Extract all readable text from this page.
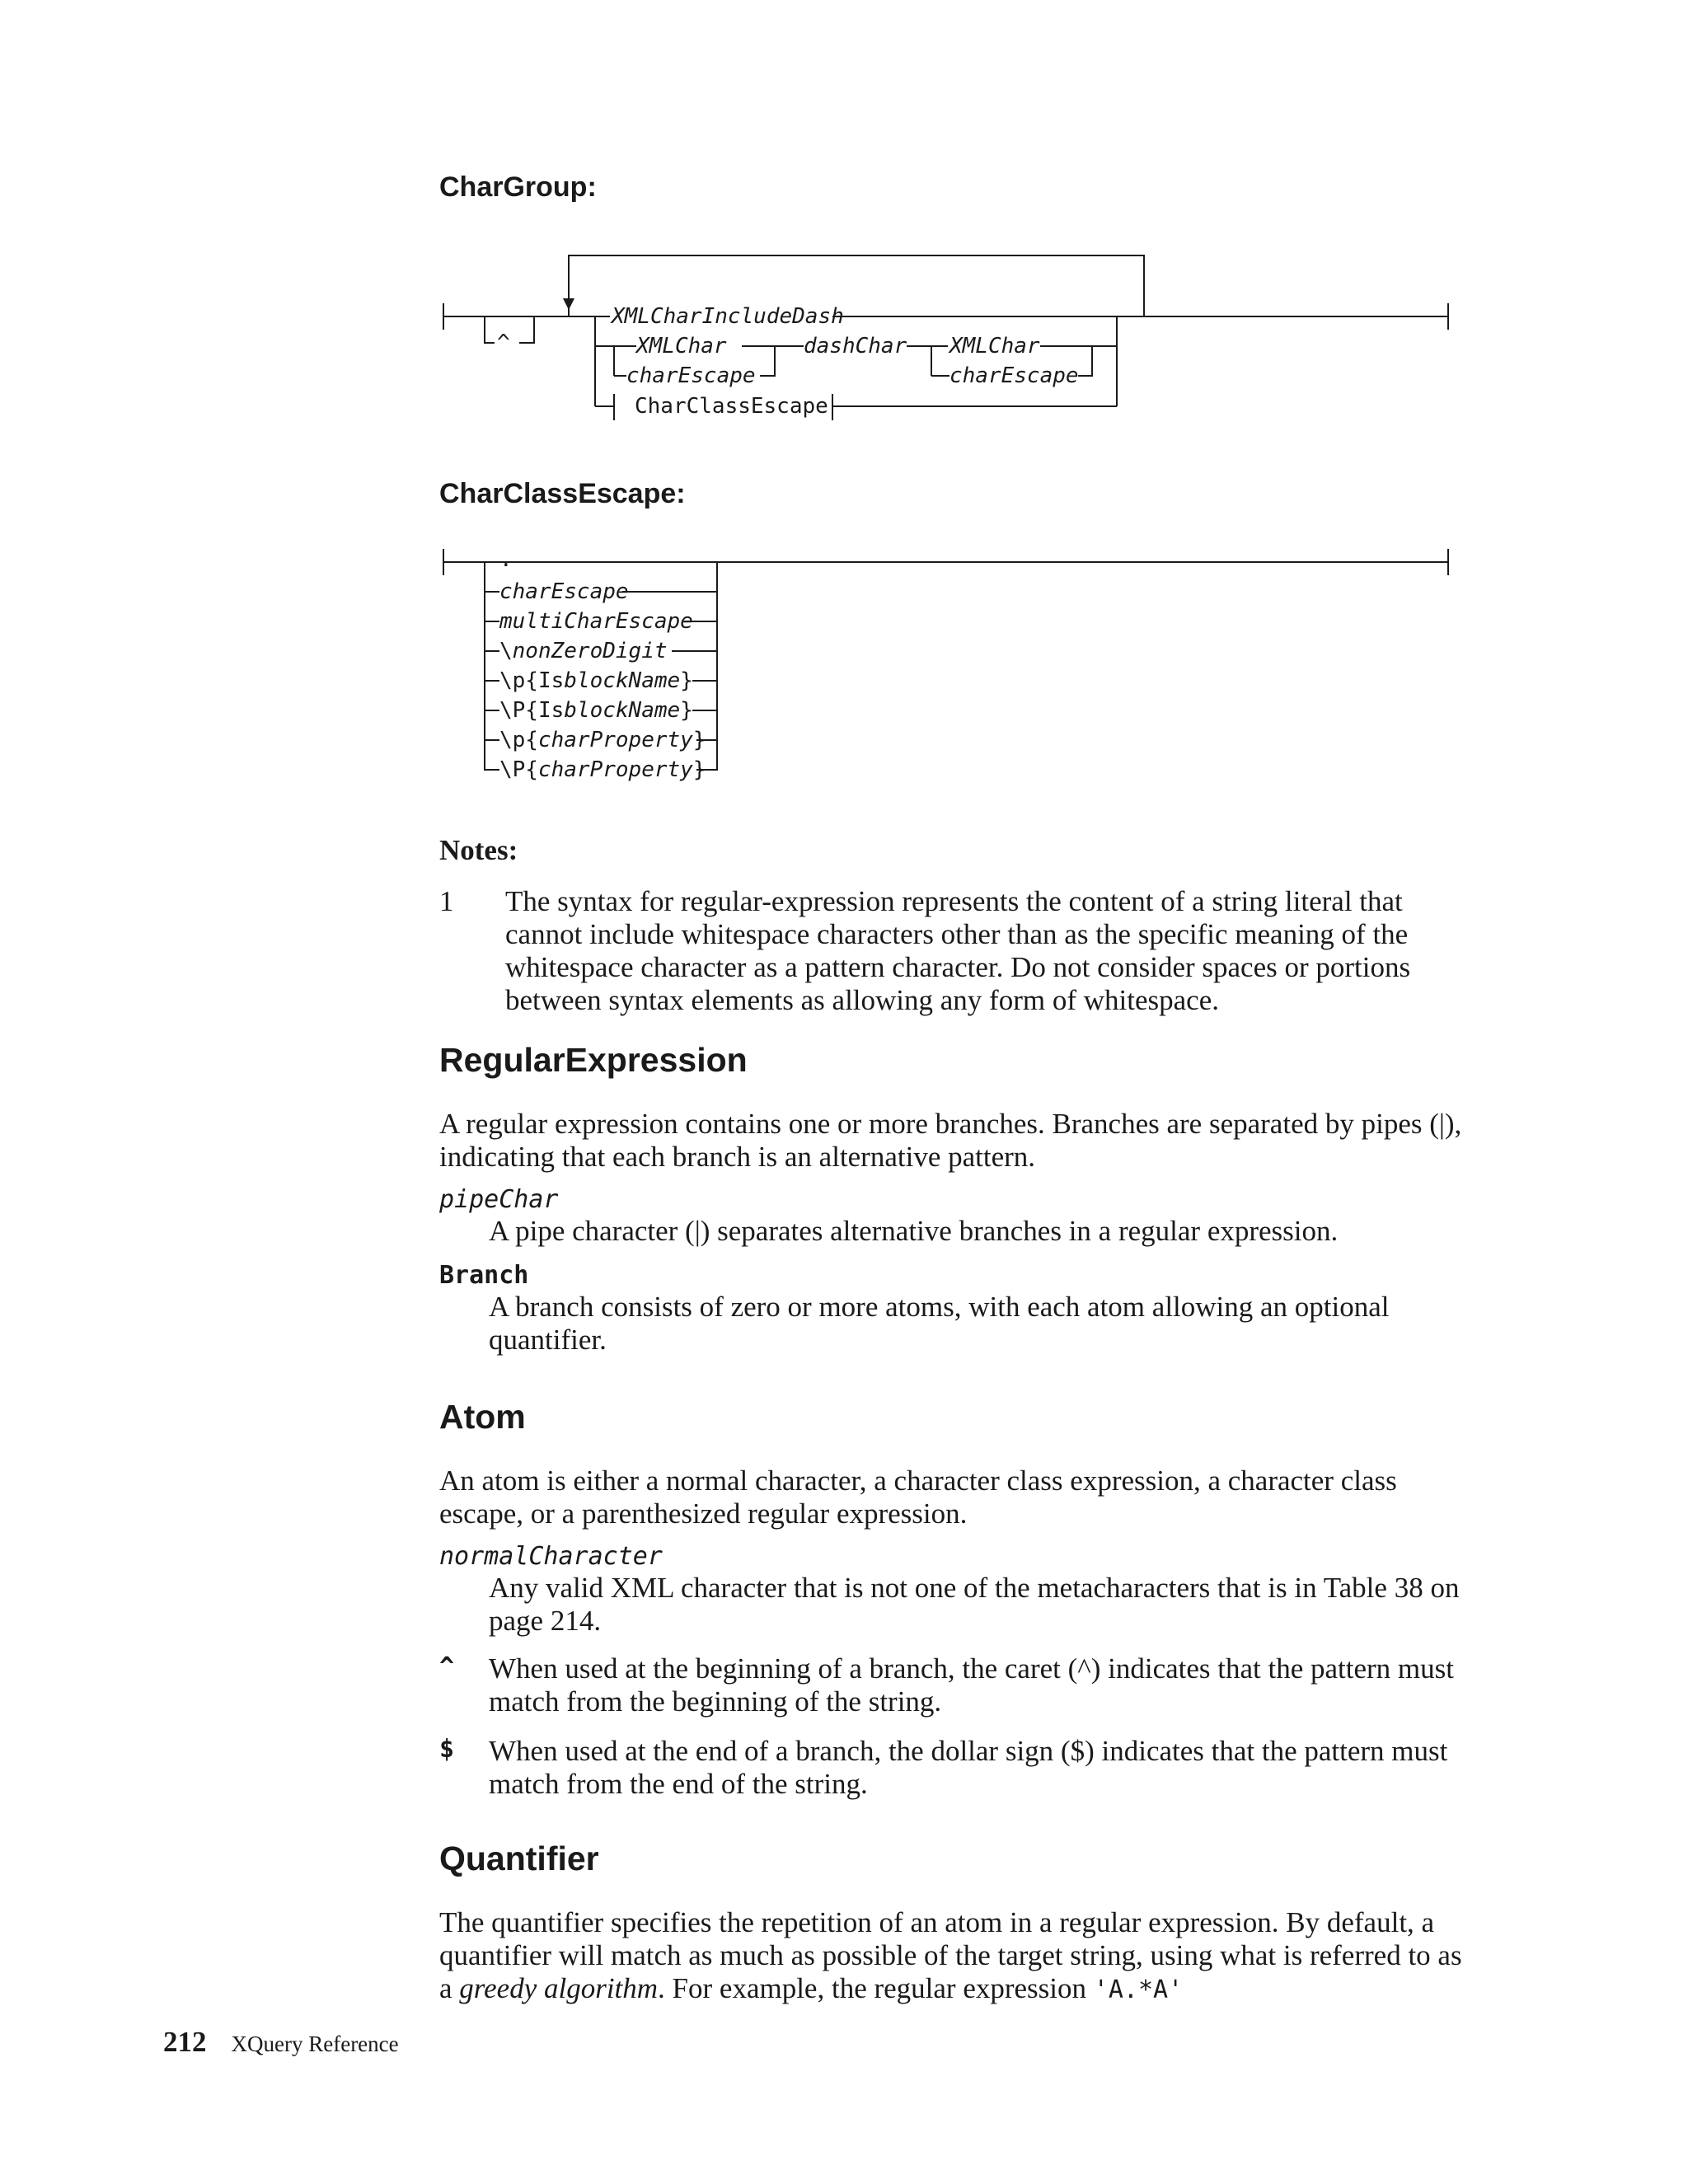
CharGroup:
^
XMLCharIncludeDash
XMLChar
charEscape
dashChar XMLChar
charEscape
CharClassEscape
CharClassEscape:
.
charEscape
multiCharEscape
\nonZeroDigit
\p{IsblockName}
\P{IsblockName}
\p{charProperty}
\P{charProperty}

Notes:

1 The syntax for regular-expression represents the content of a string literal that cannot include whitespace characters other than as the specific meaning of the whitespace character as a pattern character. Do not consider spaces or portions between syntax elements as allowing any form of whitespace.

RegularExpression

A regular expression contains one or more branches. Branches are separated by pipes (|), indicating that each branch is an alternative pattern.

pipeChar

A pipe character (|) separates alternative branches in a regular expression.

Branch

A branch consists of zero or more atoms, with each atom allowing an optional quantifier.

Atom

An atom is either a normal character, a character class expression, a character class escape, or a parenthesized regular expression.

normalCharacter

Any valid XML character that is not one of the metacharacters that is in Table 38 on page 214.

^ When used at the beginning of a branch, the caret (^) indicates that the pattern must match from the beginning of the string.

$ When used at the end of a branch, the dollar sign ($) indicates that the pattern must match from the end of the string.

Quantifier

The quantifier specifies the repetition of an atom in a regular expression. By default, a quantifier will match as much as possible of the target string, using what is referred to as a greedy algorithm. For example, the regular expression 'A.*A'

212 XQuery Reference
